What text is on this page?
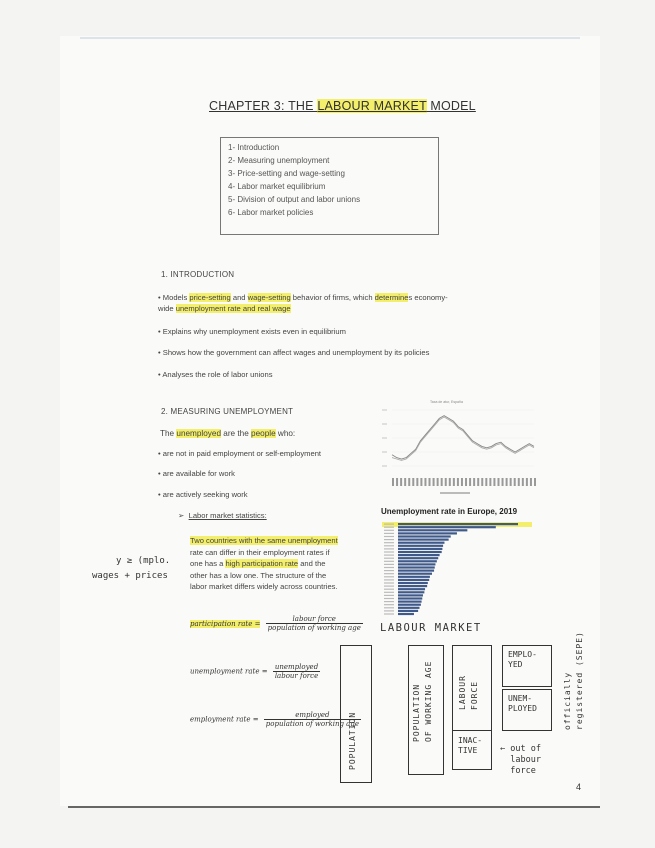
CHAPTER 3: THE LABOUR MARKET MODEL
1- Introduction
2- Measuring unemployment
3- Price-setting and wage-setting
4- Labor market equilibrium
5- Division of output and labor unions
6- Labor market policies
1. INTRODUCTION
• Models price-setting and wage-setting behavior of firms, which determines economy-
wide unemployment rate and real wage
• Explains why unemployment exists even in equilibrium
• Shows how the government can affect wages and unemployment by its policies
• Analyses the role of labor unions
2. MEASURING UNEMPLOYMENT
The unemployed are the people who:
• are not in paid employment or self-employment
• are available for work
• are actively seeking work
➢ Labor market statistics:
Two countries with the same unemployment
rate can differ in their employment rates if
one has a high participation rate and the
other has a low one. The structure of the
labor market differs widely across countries.
y ≥ (mplo.
wages + prices
participation rate = $\frac{\text{labour force}}{\text{population of working age}}$
unemployment rate = $\frac{\text{unemployed}}{\text{labour force}}$
employment rate = $\frac{\text{employed}}{\text{population of working age}}$
Taxa de atur, España
Unemployment rate in Europe, 2019
LABOUR MARKET
POPULATION	POPULATION OF WORKING AGE	LABOUR FORCE
INAC-
TIVE
EMPLO-
YED
UNEM-
PLOYED
← out of
labour
force
officially registered (SEPE)
4
